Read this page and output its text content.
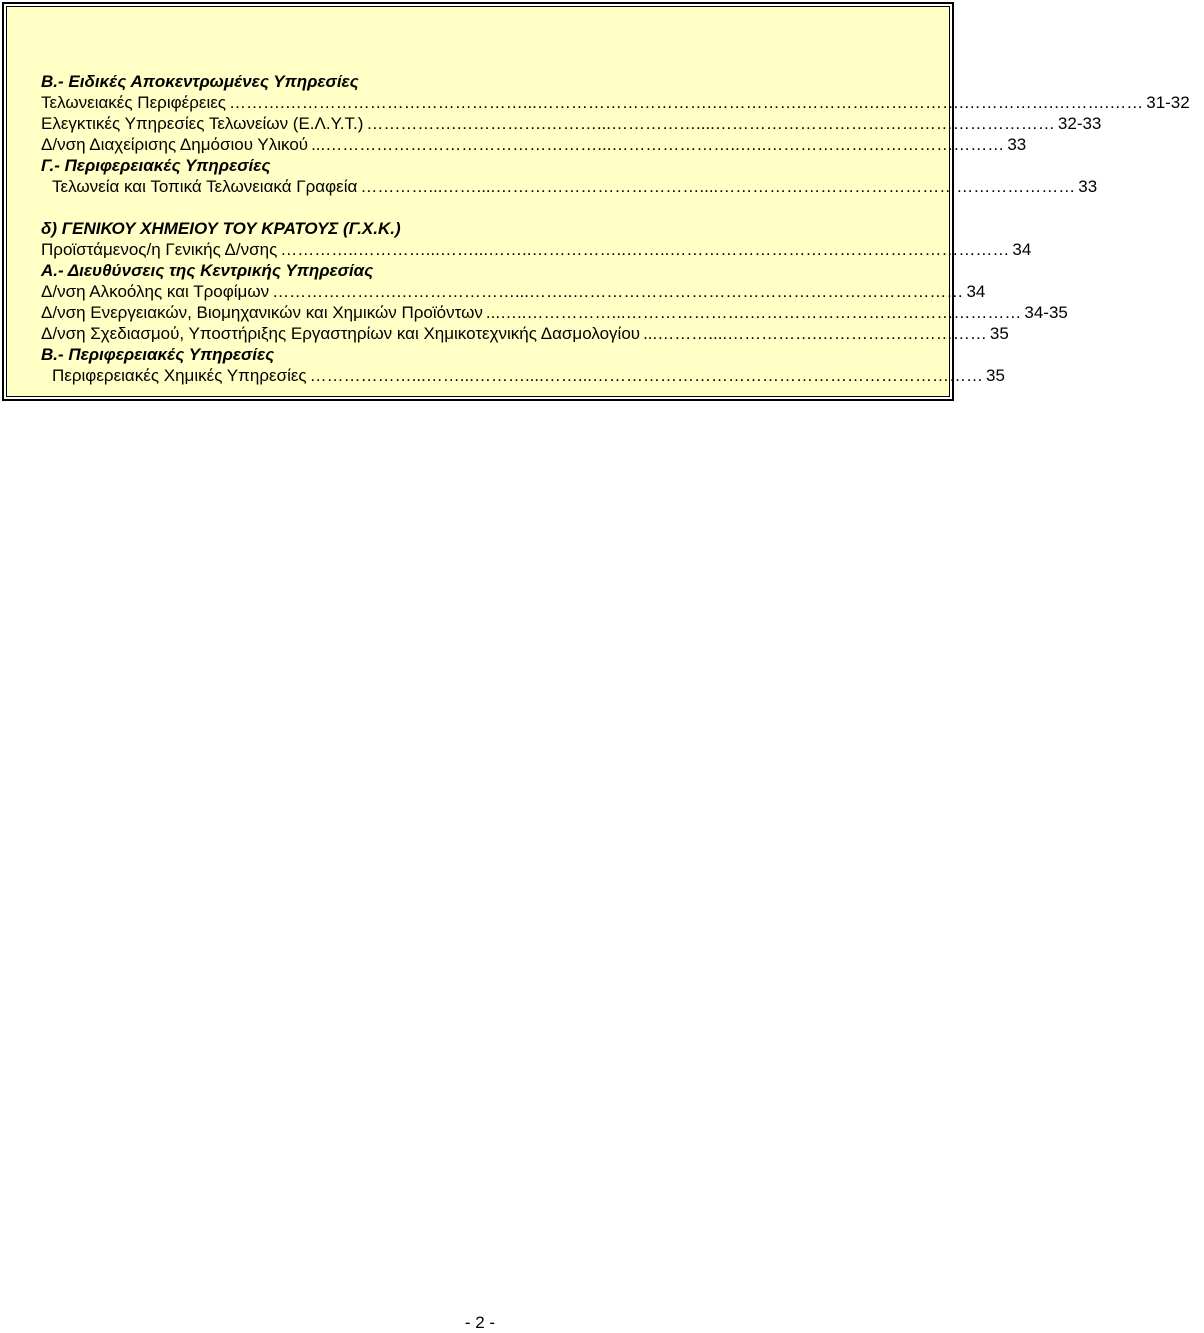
Β.- Ειδικές Αποκεντρωμένες Υπηρεσίες
Τελωνειακές Περιφέρειες ……….……………………………………...………………………….…………….………….…………….…………….……….…… 31-32
Ελεγκτικές Υπηρεσίες Τελωνείων (Ε.Λ.Υ.Τ.) …………….…………….………...……………....…………………………………………………… 32-33
Δ/νση Διαχείρισης Δημόσιου Υλικού ...…………………………………………...…………………..…..…………………………………… 33
Γ.- Περιφερειακές Υπηρεσίες
Τελωνεία και Τοπικά Τελωνειακά Γραφεία …………...……....………………………………....……………………………………………………… 33
δ) ΓΕΝΙΚΟΥ ΧΗΜΕΙΟΥ ΤΟΥ ΚΡΑΤΟΥΣ (Γ.Χ.Κ.)
Προϊστάμενος/η Γενικής Δ/νσης …………..…………...……...……..……………..……..…………………………………………………… 34
Α.- Διευθύνσεις της Κεντρικής Υπηρεσίας
Δ/νση Αλκοόλης και Τροφίμων ………………….…………………...……..…………………………………………………………… 34
Δ/νση Ενεργειακών, Βιομηχανικών και Χημικών Προϊόντων ...…..……………...………………….………………………………………… 34-35
Δ/νση Σχεδιασμού, Υποστήριξης Εργαστηρίων και Χημικοτεχνικής Δασμολογίου ...………....…………….………………………… 35
Β.- Περιφερειακές Υπηρεσίες
Περιφερειακές Χημικές Υπηρεσίες ………………...……...………....……...…………………………………………………………… 35
- 2 -
